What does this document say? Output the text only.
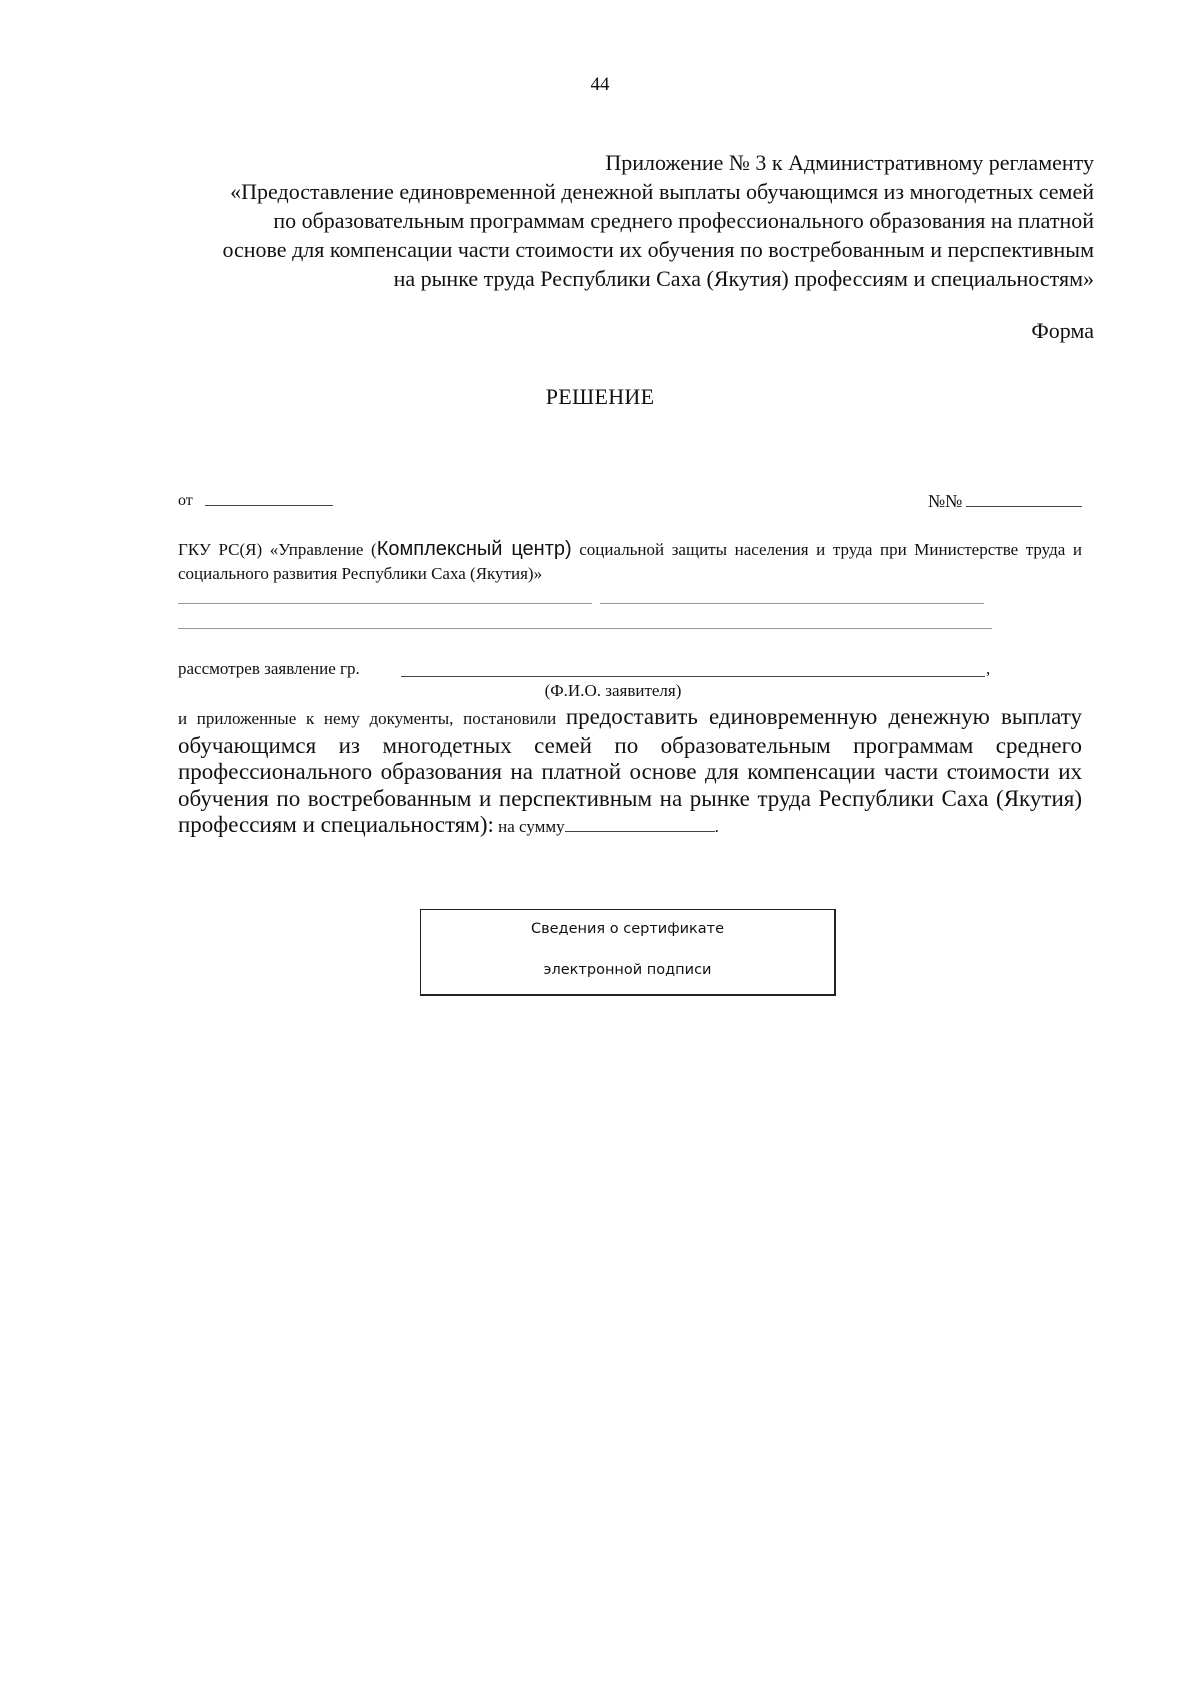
44
Приложение № 3 к Административному регламенту
«Предоставление единовременной денежной выплаты обучающимся из многодетных семей
по образовательным программам среднего профессионального образования на платной
основе для компенсации части стоимости их обучения по востребованным и перспективным
на рынке труда Республики Саха (Якутия) профессиям и специальностям»
Форма
РЕШЕНИЕ
от	№№
ГКУ РС(Я) «Управление (Комплексный центр) социальной защиты населения и труда при Министерстве труда и социального развития Республики Саха (Якутия)»
рассмотрев заявление гр.	,
(Ф.И.О. заявителя)
и приложенные к нему документы, постановили предоставить единовременную денежную выплату обучающимся из многодетных семей по образовательным программам среднего профессионального образования на платной основе для компенсации части стоимости их обучения по востребованным и перспективным на рынке труда Республики Саха (Якутия) профессиям и специальностям): на сумму	.
Сведения о сертификате
электронной подписи
